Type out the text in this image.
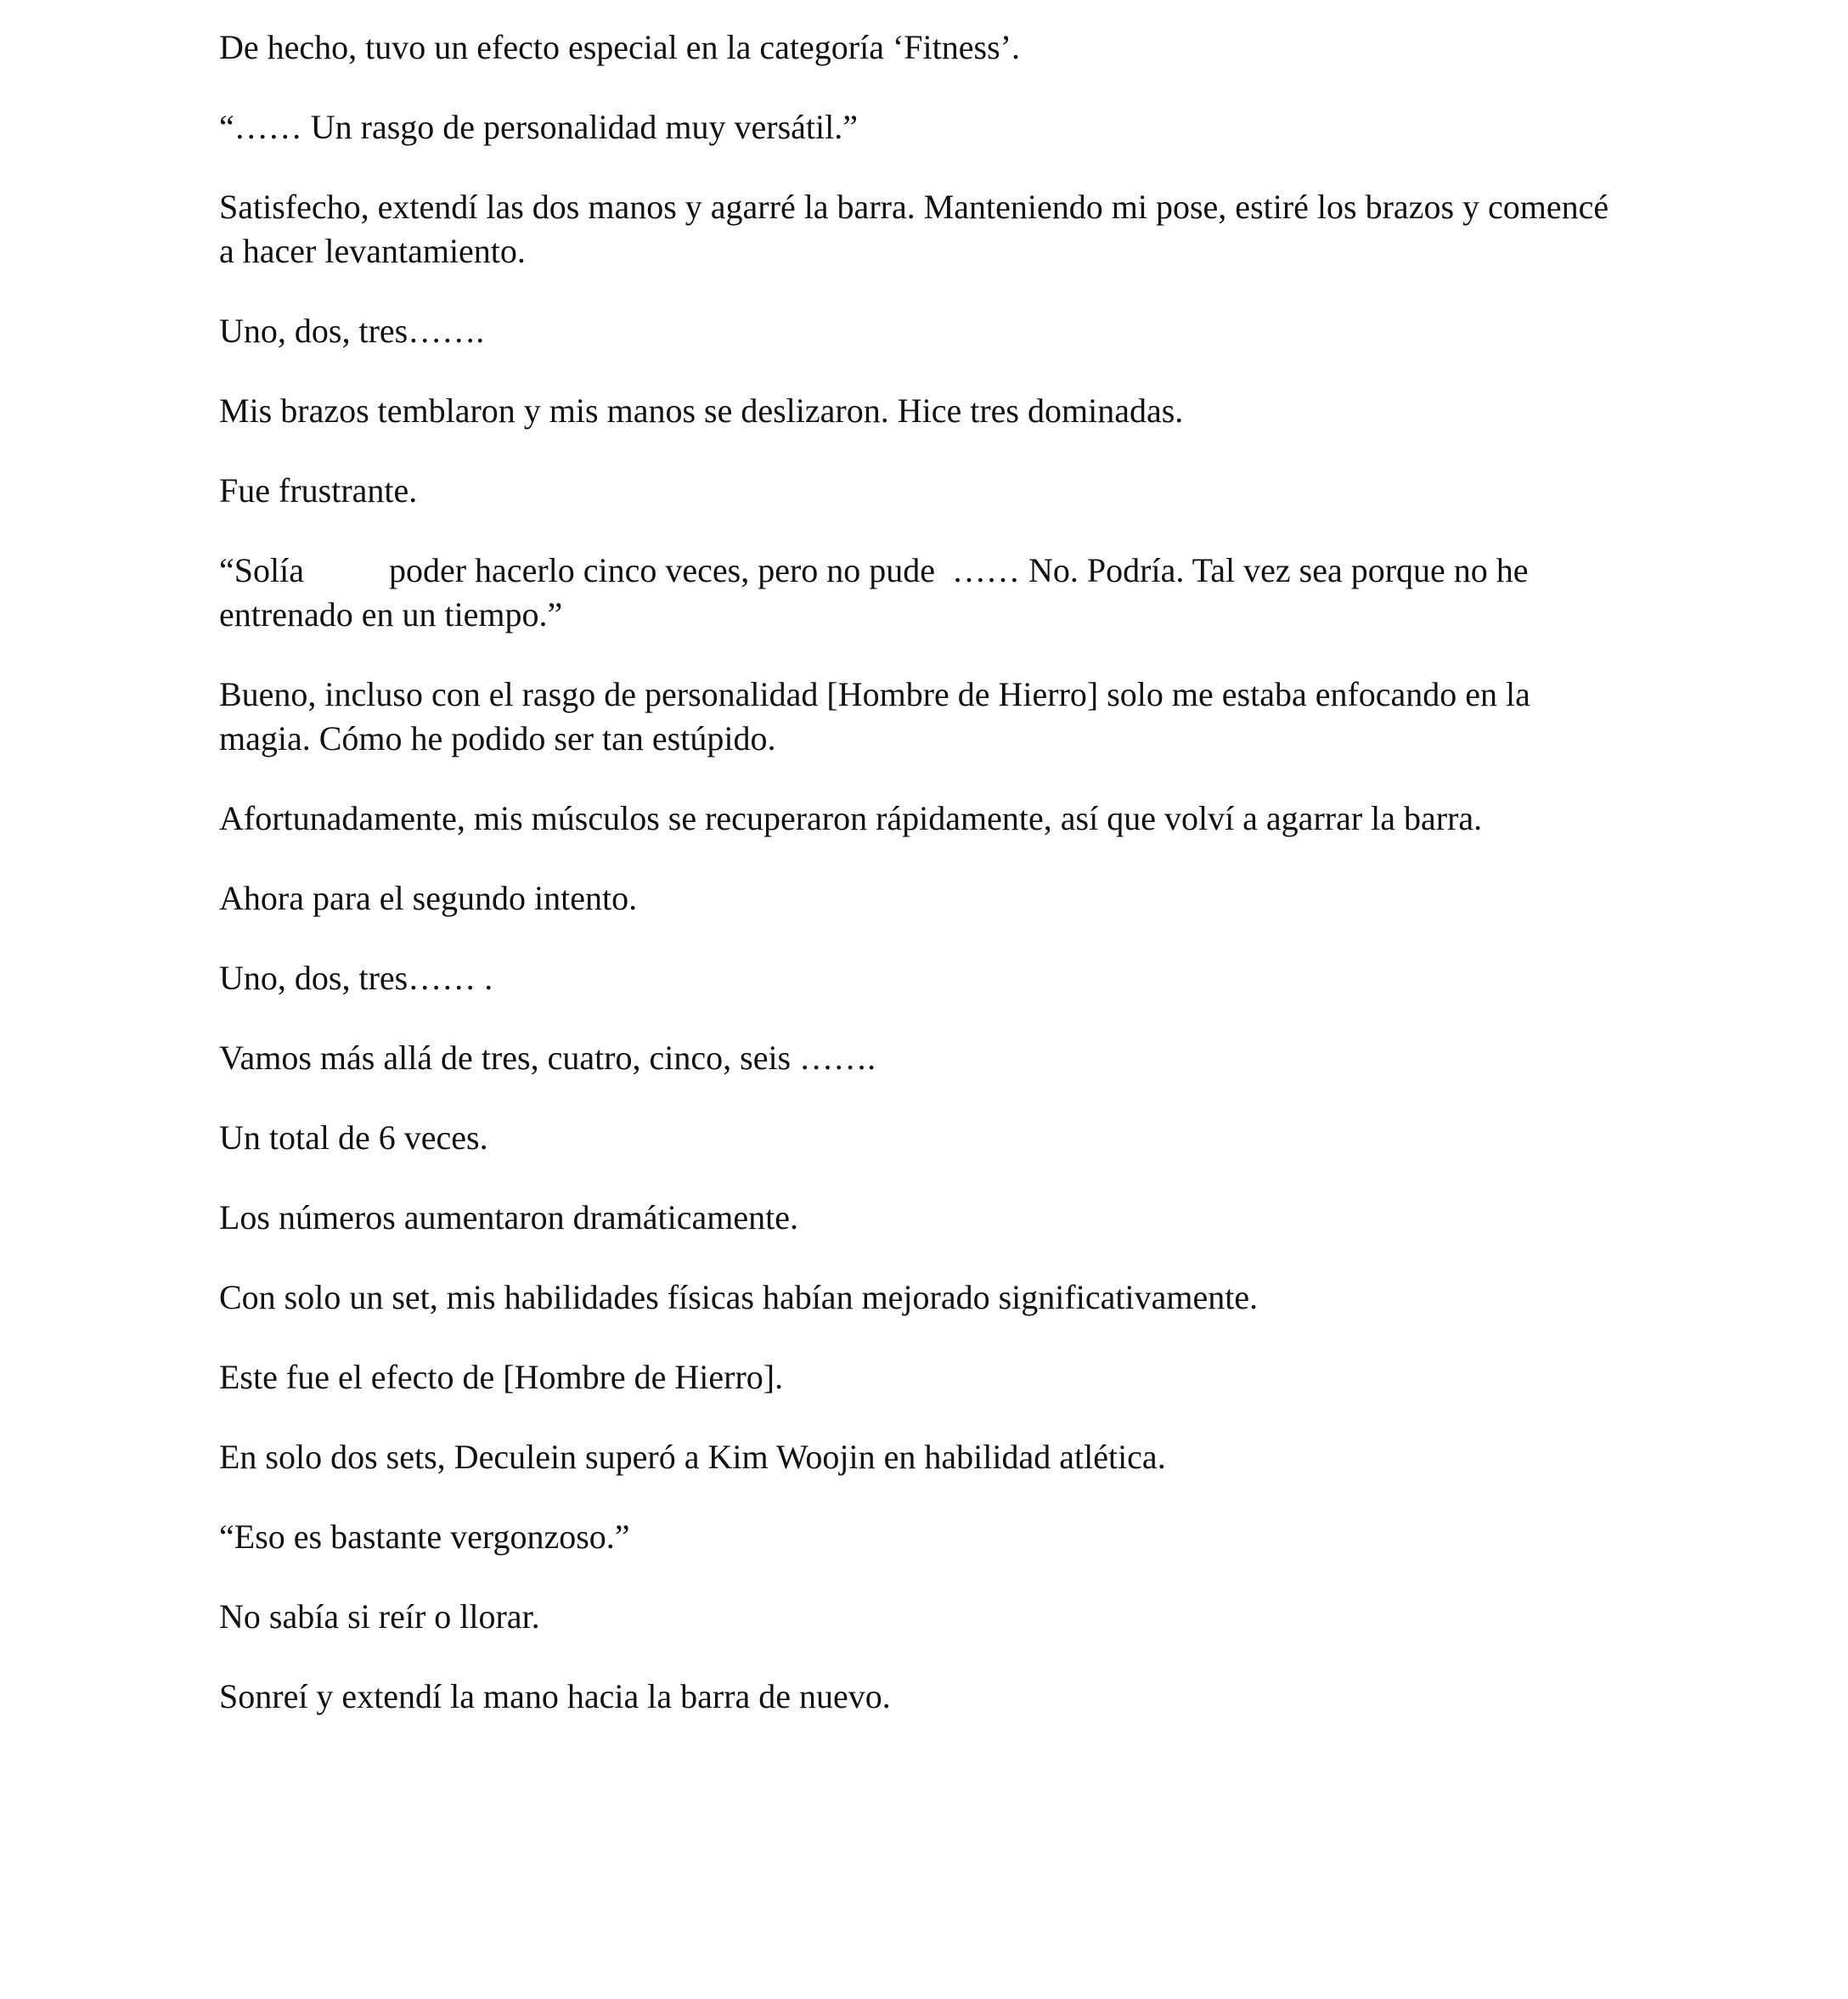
De hecho, tuvo un efecto especial en la categoría ‘Fitness’.

“…… Un rasgo de personalidad muy versátil.”

Satisfecho, extendí las dos manos y agarré la barra. Manteniendo mi pose, estiré los brazos y comencé a hacer levantamiento.

Uno, dos, tres…….

Mis brazos temblaron y mis manos se deslizaron. Hice tres dominadas.

Fue frustrante.

“Solía          poder hacerlo cinco veces, pero no pude  …… No. Podría. Tal vez sea porque no he entrenado en un tiempo.”

Bueno, incluso con el rasgo de personalidad [Hombre de Hierro] solo me estaba enfocando en la magia. Cómo he podido ser tan estúpido.

Afortunadamente, mis músculos se recuperaron rápidamente, así que volví a agarrar la barra.

Ahora para el segundo intento.

Uno, dos, tres…… .

Vamos más allá de tres, cuatro, cinco, seis …….

Un total de 6 veces.

Los números aumentaron dramáticamente.

Con solo un set, mis habilidades físicas habían mejorado significativamente.

Este fue el efecto de [Hombre de Hierro].

En solo dos sets, Deculein superó a Kim Woojin en habilidad atlética.

“Eso es bastante vergonzoso.”

No sabía si reír o llorar.

Sonreí y extendí la mano hacia la barra de nuevo.
